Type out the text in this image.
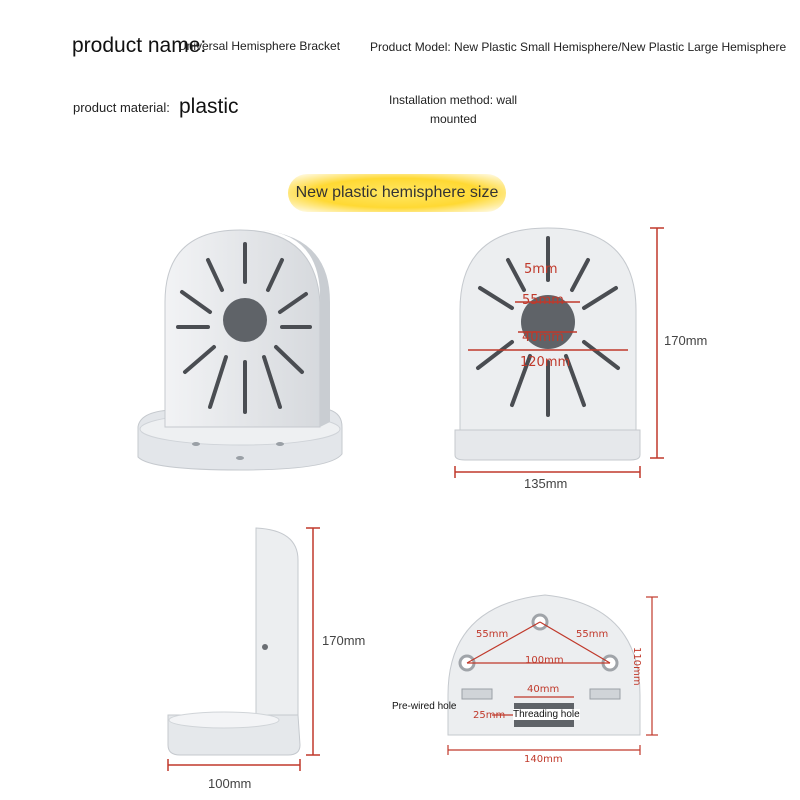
product name:
Universal Hemisphere Bracket Product Model: New Plastic Small Hemisphere/New Plastic Large Hemisphere
product material: plastic	Installation method: wall
mounted
New plastic hemisphere size
5mm
55mm
40mm
120mm
170mm
135mm
170mm
100mm
55mm	55mm
100mm
40mm
25mm
110mm
140mm
Pre-wired hole
Threading hole
